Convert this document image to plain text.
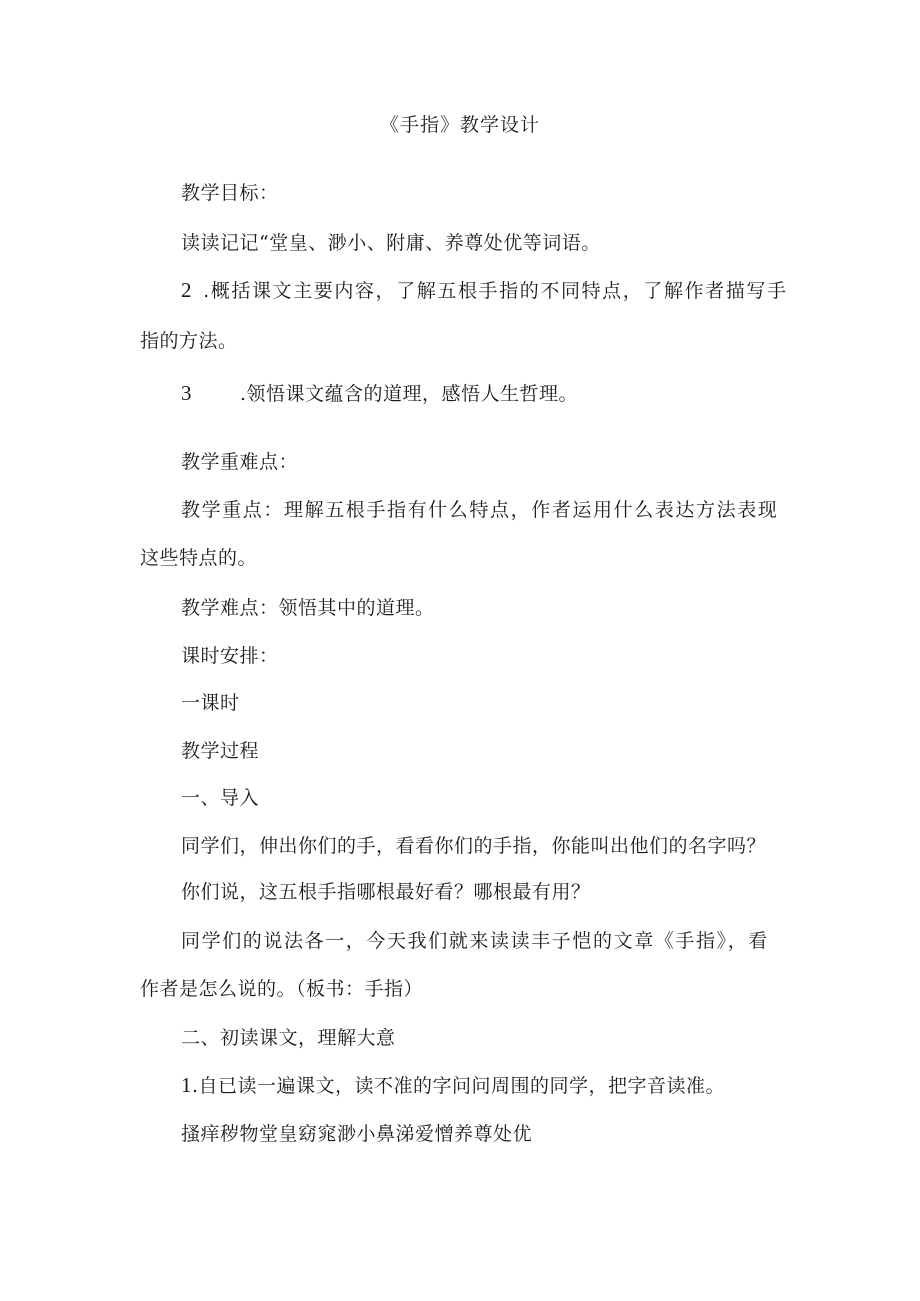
《手指》教学设计
教学目标：
读读记记“堂皇、渺小、附庸、养尊处优等词语。
2 .概括课文主要内容，了解五根手指的不同特点，了解作者描写手
指的方法。
3	.领悟课文蕴含的道理，感悟人生哲理。
教学重难点：
教学重点：理解五根手指有什么特点，作者运用什么表达方法表现
这些特点的。
教学难点：领悟其中的道理。
课时安排：
一课时
教学过程
一、导入
同学们，伸出你们的手，看看你们的手指，你能叫出他们的名字吗？
你们说，这五根手指哪根最好看？哪根最有用？
同学们的说法各一，今天我们就来读读丰子恺的文章《手指》，看
作者是怎么说的。（板书：手指）
二、初读课文，理解大意
1.自已读一遍课文，读不准的字问问周围的同学，把字音读准。
搔痒秽物堂皇窈窕渺小鼻涕爱憎养尊处优
